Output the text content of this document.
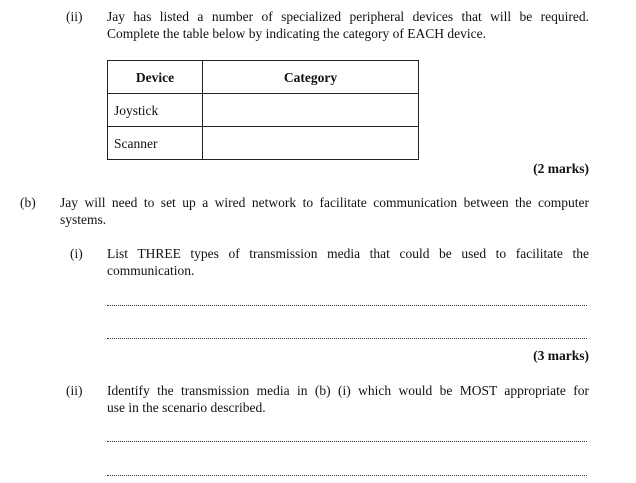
(ii) Jay has listed a number of specialized peripheral devices that will be required.
Complete the table below by indicating the category of EACH device.
Device	Category
Joystick	
Scanner	
(2 marks)
(b) Jay will need to set up a wired network to facilitate communication between the computer
systems.
(i) List THREE types of transmission media that could be used to facilitate the
communication.
(3 marks)
(ii) Identify the transmission media in (b) (i) which would be MOST appropriate for
use in the scenario described.
